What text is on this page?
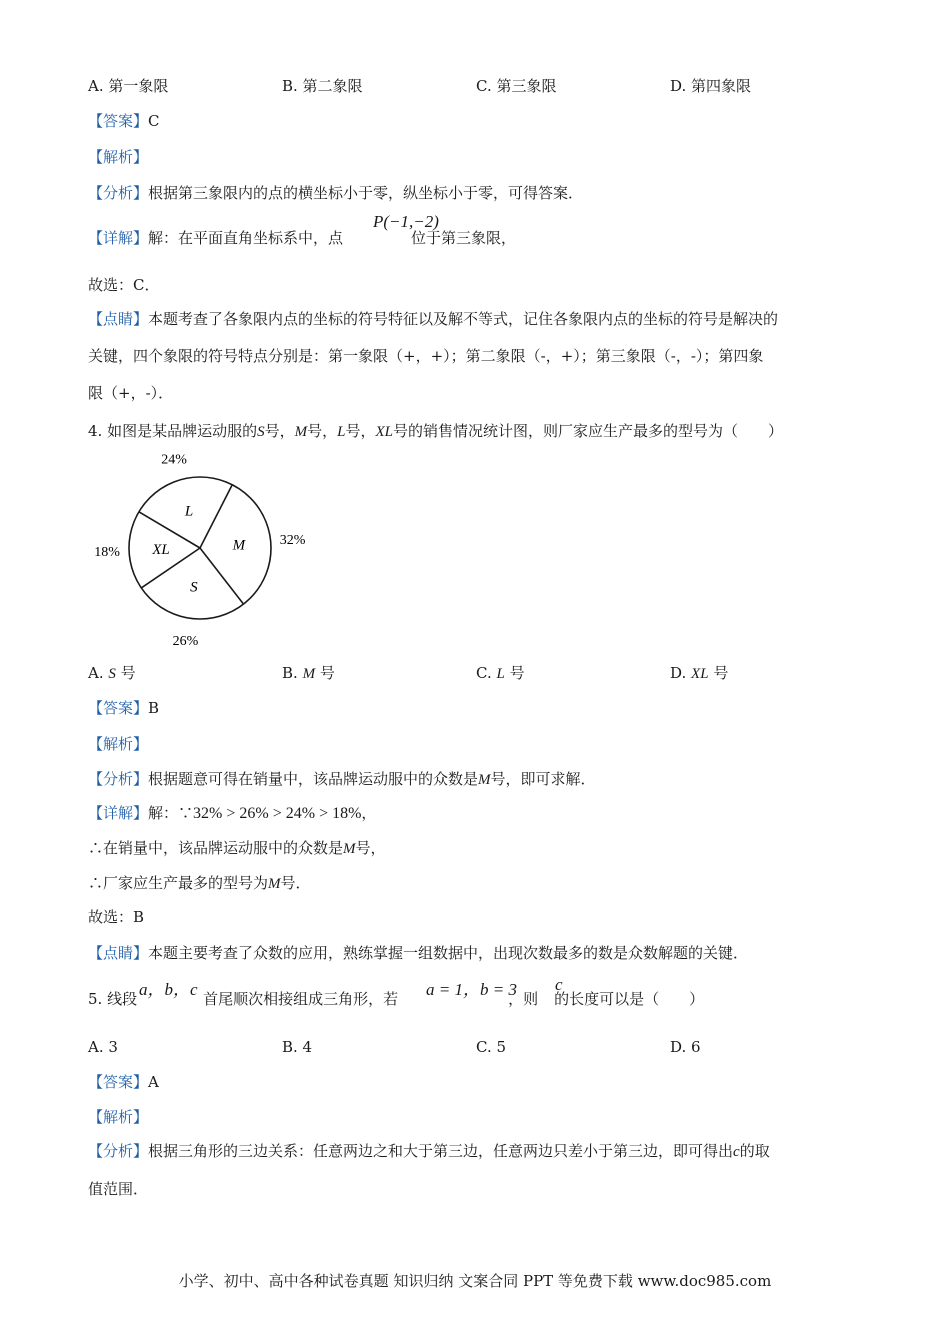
A. 第一象限	B. 第二象限	C. 第三象限	D. 第四象限
【答案】C
【解析】
【分析】根据第三象限内的点的横坐标小于零，纵坐标小于零，可得答案．
【详解】解：在平面直角坐标系中，点	位于第三象限，
P(−1,−2)
故选：C．
【点睛】本题考查了各象限内点的坐标的符号特征以及解不等式，记住各象限内点的坐标的符号是解决的
关键，四个象限的符号特点分别是：第一象限（+，+）；第二象限（-，+）；第三象限（-，-）；第四象
限（+，-）．
4. 如图是某品牌运动服的S号，M号，L号，XL号的销售情况统计图，则厂家应生产最多的型号为（　　）
M 32%
S
26%
XL
18%
L
24%
A. S 号	B. M 号	C. L 号	D. XL 号
【答案】B
【解析】
【分析】根据题意可得在销量中，该品牌运动服中的众数是M号，即可求解．
【详解】解：∵32% > 26% > 24% > 18%，
∴在销量中，该品牌运动服中的众数是M号，
∴厂家应生产最多的型号为M号．
故选：B
【点睛】本题主要考查了众数的应用，熟练掌握一组数据中，出现次数最多的数是众数解题的关键．
5. 线段	首尾顺次相接组成三角形，若	，则 的长度可以是（　　）
a，b，c	a = 1，b = 3 c
A. 3	B. 4	C. 5	D. 6
【答案】A
【解析】
【分析】根据三角形的三边关系：任意两边之和大于第三边，任意两边只差小于第三边，即可得出c的取
值范围．
小学、初中、高中各种试卷真题 知识归纳 文案合同 PPT 等免费下载 www.doc985.com
